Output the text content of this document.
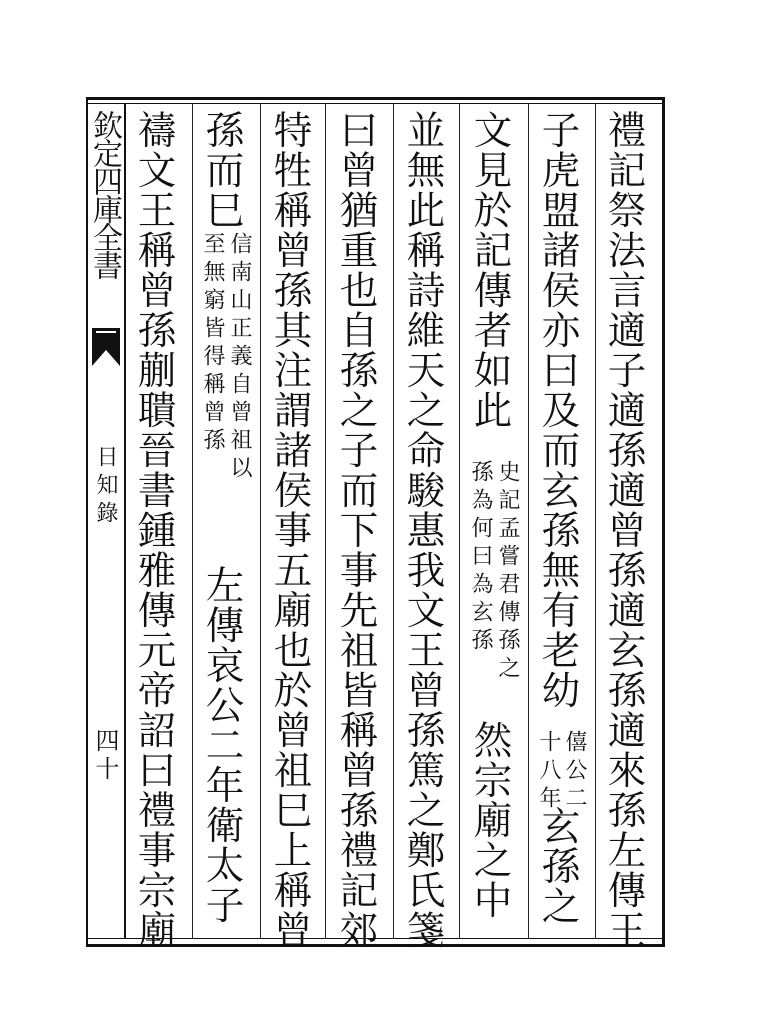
欽定四庫全書
日知錄
四十	禮記祭法言適子適孫適曾孫適玄孫適來孫左傳王
子虎盟諸侯亦曰及而玄孫無有老幼
僖公二
十八年
玄孫之
文見於記傳者如此
史記孟嘗君傳孫之
孫為何曰為玄孫
然宗廟之中
並無此稱詩維天之命駿惠我文王曾孫篤之鄭氏箋
曰曾猶重也自孫之子而下事先祖皆稱曾孫禮記郊
特牲稱曾孫其注謂諸侯事五廟也於曾祖巳上稱曾
孫而巳
信南山正義自曾祖以
至無窮皆得稱曾孫
左傳哀公二年衛太子
禱文王稱曾孫蒯聵晉書鍾雅傳元帝詔曰禮事宗廟
